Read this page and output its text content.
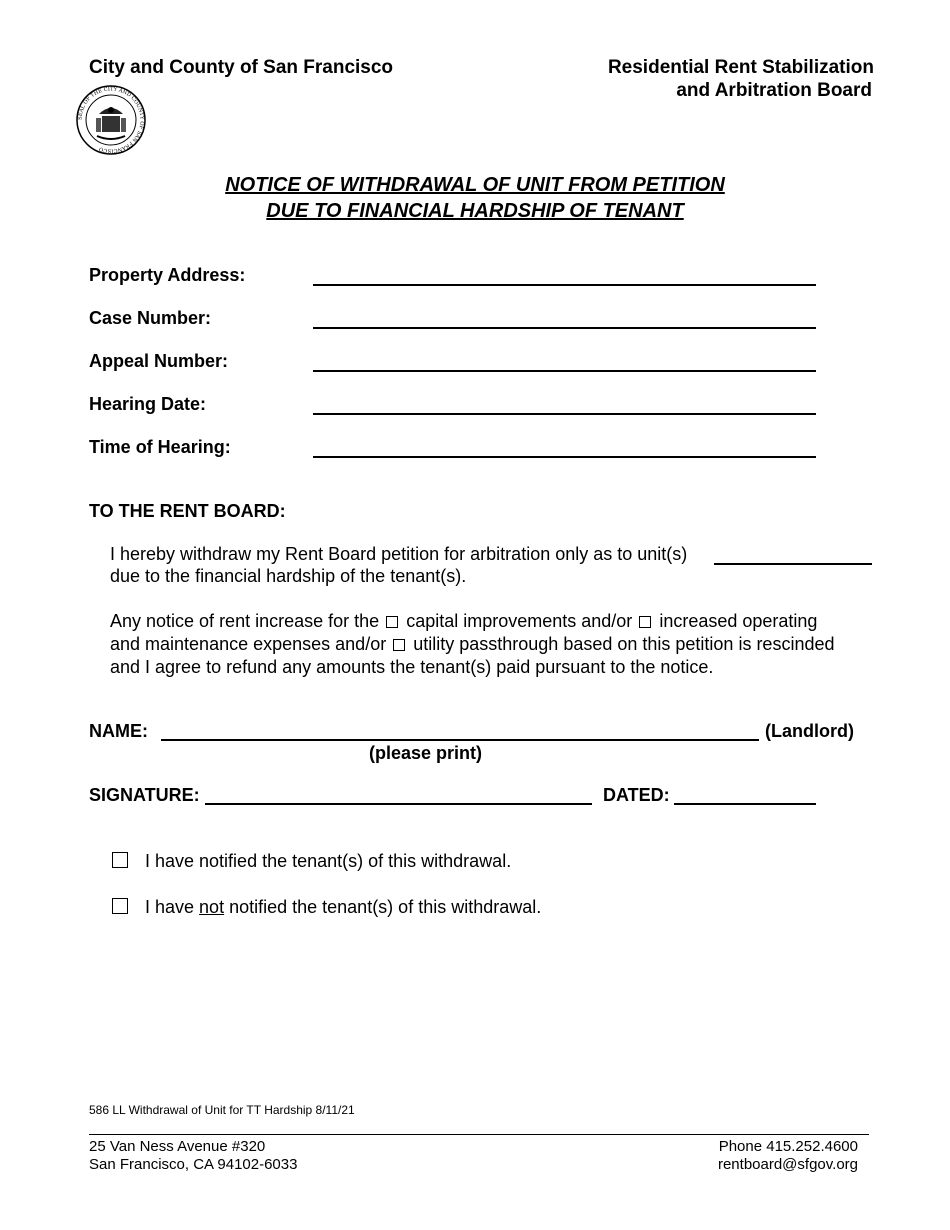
City and County of San Francisco	Residential Rent Stabilization
and Arbitration Board
SEAL OF THE CITY AND COUNTY OF SAN FRANCISCO
NOTICE OF WITHDRAWAL OF UNIT FROM PETITION
DUE TO FINANCIAL HARDSHIP OF TENANT
Property Address:
Case Number:
Appeal Number:
Hearing Date:
Time of Hearing:
TO THE RENT BOARD:
I hereby withdraw my Rent Board petition for arbitration only as to unit(s)
due to the financial hardship of the tenant(s).
Any notice of rent increase for the capital improvements and/or increased operating
and maintenance expenses and/or utility passthrough based on this petition is rescinded
and I agree to refund any amounts the tenant(s) paid pursuant to the notice.
NAME:	(Landlord)
(please print)
SIGNATURE:	DATED:
I have notified the tenant(s) of this withdrawal.
I have not notified the tenant(s) of this withdrawal.
586 LL Withdrawal of Unit for TT Hardship 8/11/21
25 Van Ness Avenue #320
San Francisco, CA 94102-6033
Phone 415.252.4600
rentboard@sfgov.org
